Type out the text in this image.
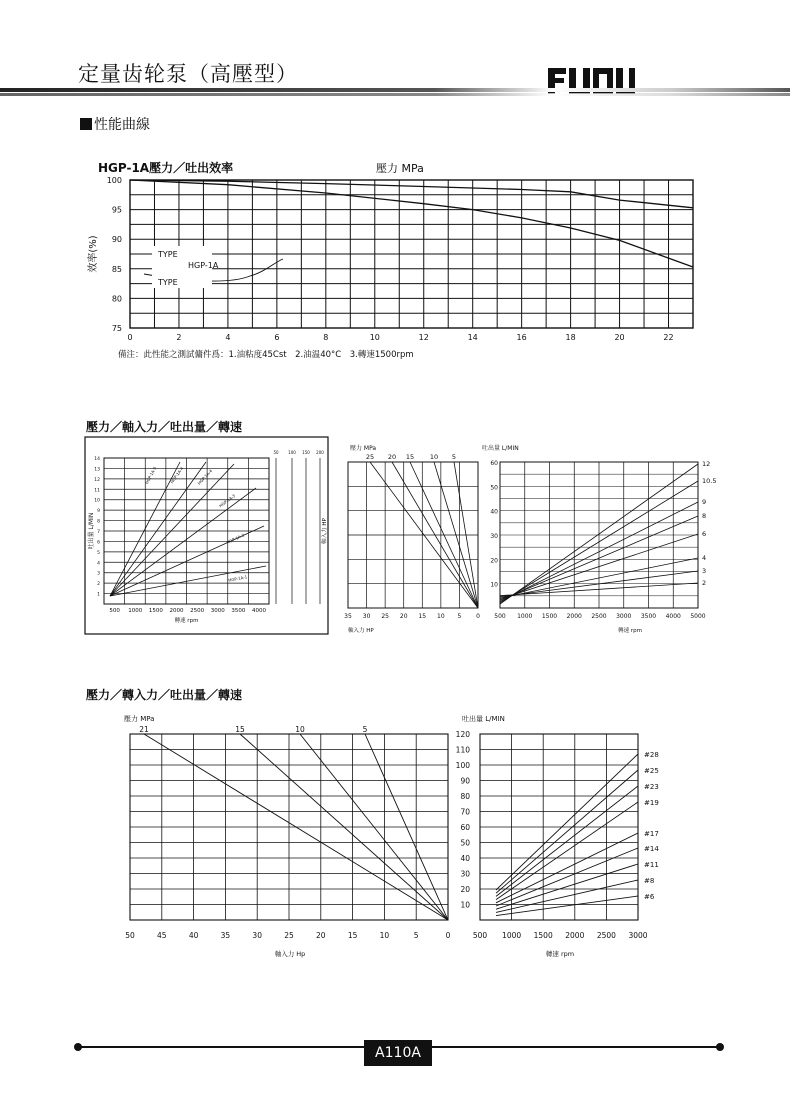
定量齿轮泵（高壓型）
性能曲線
HGP-1A壓力／吐出效率	壓力 MPa
100
95
90
85
80
75
0	2	4	6	8	10	12	14	16	18	20	22
效率(%)	TYPE
HGP-1A
TYPE
備注：此性能之測試傭件爲：1.油粘度45Cst　2.油温40°C　3.轉速1500rpm
壓力／軸入力／吐出量／轉速
14
13
12
11
10
9
8
7
6
5
4
3
2
1
500 1000 1500 2000 2500 3000 3500 4000
轉速 rpm
吐出量 L/MIN
HGP-1A-5	HGP-1A-4	HGP-1A-4
HGP-1A-3
HGP-1A-2
HGP-1A-1
50 100 150 200
軸入力 HP
壓力 MPa
35 30 25 20 15 10 5 0
軸入力 HP
25 20 15 10 5
吐出量 L/MIN
60
50
40
30
20
10
500 1000 1500 2000 2500 3000 3500 4000 5000
轉速 rpm
12
10.5
9
8
6
4
3
2
壓力／轉入力／吐出量／轉速
壓力 MPa
50	45	40	35	30	25	20	15	10	5	0
軸入力 Hp
21	15	10	5
吐出量 L/MIN
120
110
100
90
80
70
60
50
40
30
20
10
500 1000 1500 2000 2500 3000
轉速 rpm
#28
#25
#23
#19
#17
#14
#11
#8
#6
A110A
